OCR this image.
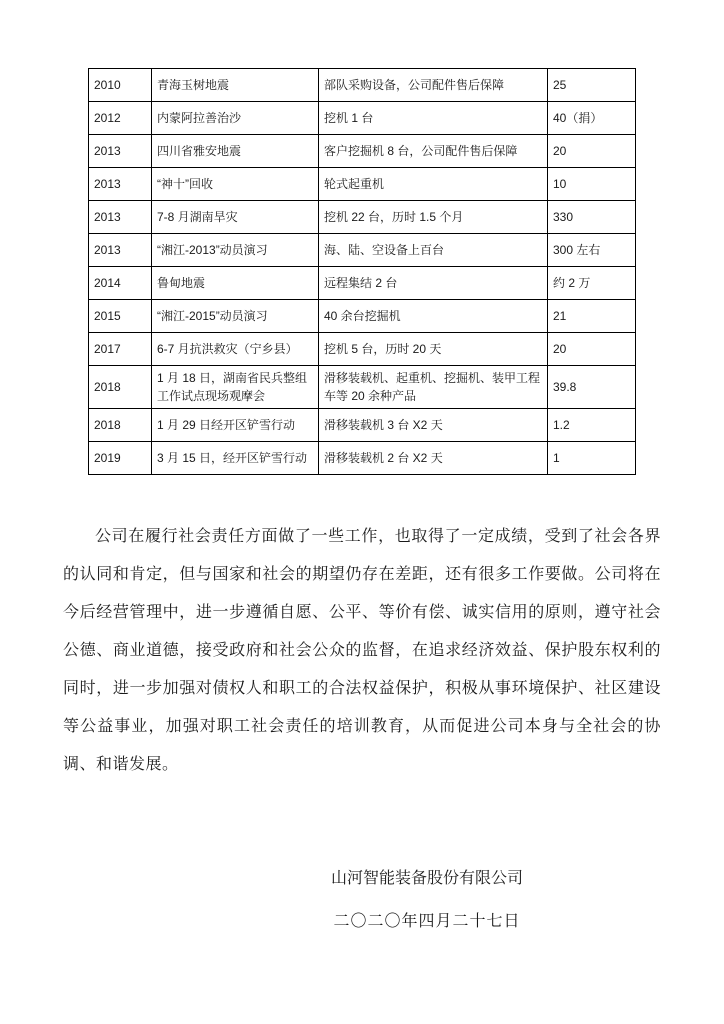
2010	青海玉树地震	部队采购设备，公司配件售后保障	25
2012	内蒙阿拉善治沙	挖机 1 台	40（捐）
2013	四川省雅安地震	客户挖掘机 8 台，公司配件售后保障	20
2013	“神十”回收	轮式起重机	10
2013	7-8 月湖南旱灾	挖机 22 台，历时 1.5 个月	330
2013	“湘江-2013”动员演习	海、陆、空设备上百台	300 左右
2014	鲁甸地震	远程集结 2 台	约 2 万
2015	“湘江-2015”动员演习	40 余台挖掘机	21
2017	6-7 月抗洪救灾（宁乡县）	挖机 5 台，历时 20 天	20
2018	1 月 18 日，湖南省民兵整组工作试点现场观摩会	滑移装载机、起重机、挖掘机、装甲工程车等 20 余种产品	39.8
2018	1 月 29 日经开区铲雪行动	滑移装载机 3 台 X2 天	1.2
2019	3 月 15 日，经开区铲雪行动	滑移装载机 2 台 X2 天	1
公司在履行社会责任方面做了一些工作，也取得了一定成绩，受到了社会各界的认同和肯定，但与国家和社会的期望仍存在差距，还有很多工作要做。公司将在今后经营管理中，进一步遵循自愿、公平、等价有偿、诚实信用的原则，遵守社会公德、商业道德，接受政府和社会公众的监督，在追求经济效益、保护股东权利的同时，进一步加强对债权人和职工的合法权益保护，积极从事环境保护、社区建设等公益事业，加强对职工社会责任的培训教育，从而促进公司本身与全社会的协调、和谐发展。
山河智能装备股份有限公司
二〇二〇年四月二十七日
